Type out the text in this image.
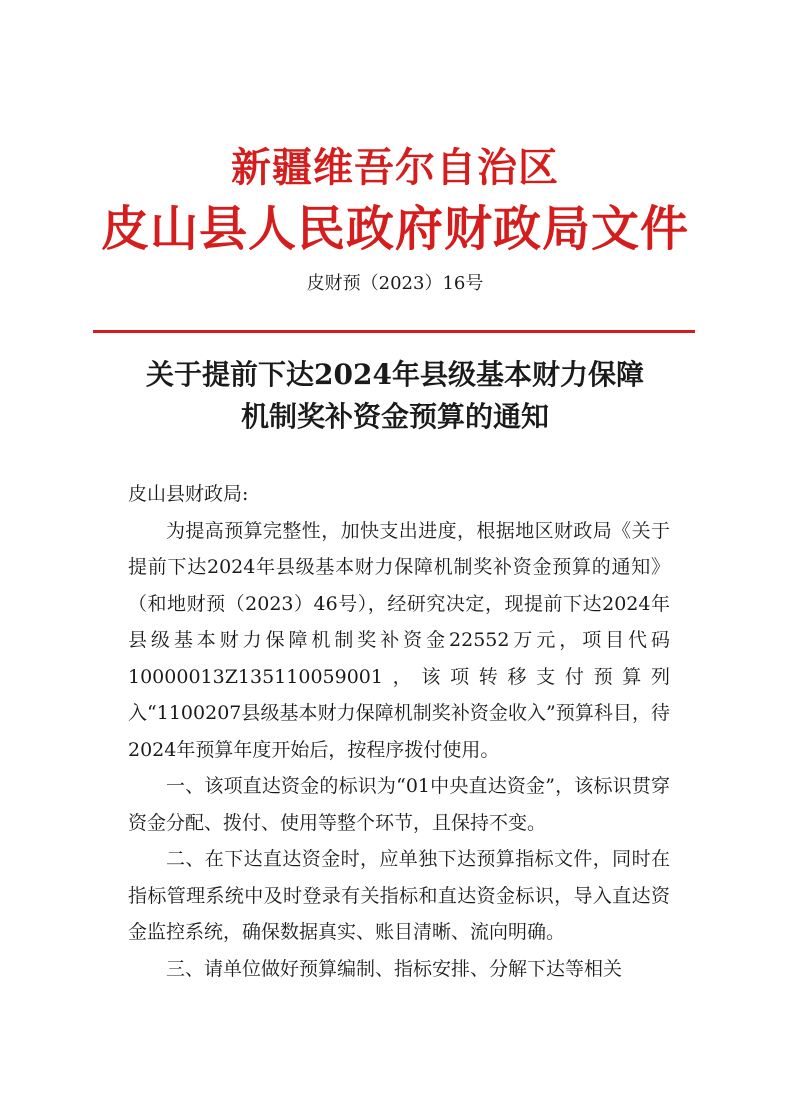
新疆维吾尔自治区
皮山县人民政府财政局文件
皮财预（2023）16号
关于提前下达2024年县级基本财力保障
机制奖补资金预算的通知

皮山县财政局:

为提高预算完整性，加快支出进度，根据地区财政局《关于提前下达2024年县级基本财力保障机制奖补资金预算的通知》（和地财预（2023）46号），经研究决定，现提前下达2024年县级基本财力保障机制奖补资金22552万元，项目代码10000013Z135110059001，该项转移支付预算列入“1100207县级基本财力保障机制奖补资金收入”预算科目，待2024年预算年度开始后，按程序拨付使用。

一、该项直达资金的标识为“01中央直达资金”，该标识贯穿资金分配、拨付、使用等整个环节，且保持不变。

二、在下达直达资金时，应单独下达预算指标文件，同时在指标管理系统中及时登录有关指标和直达资金标识，导入直达资金监控系统，确保数据真实、账目清晰、流向明确。

三、请单位做好预算编制、指标安排、分解下达等相关
